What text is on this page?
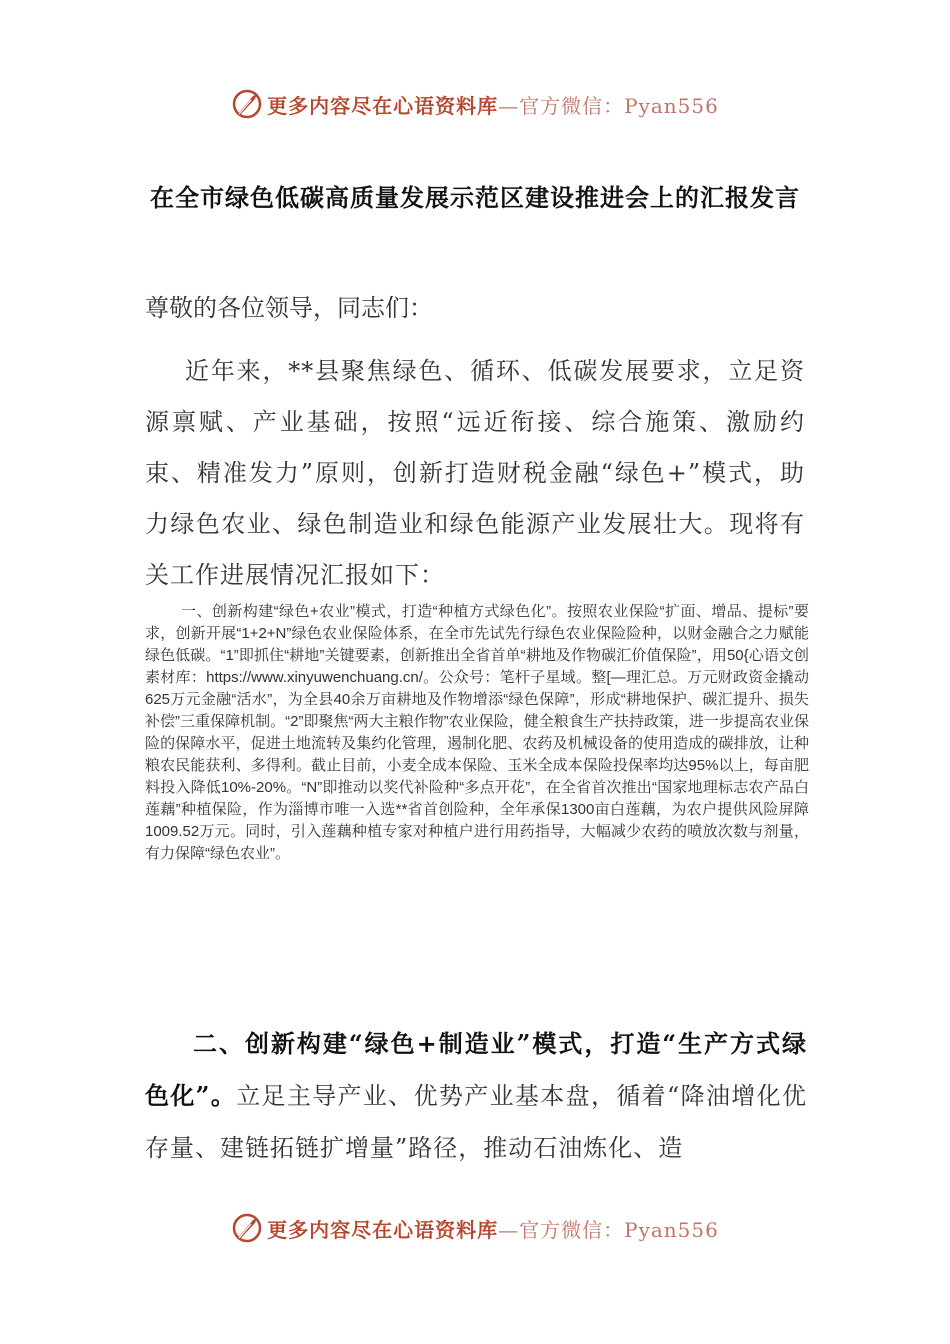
更多内容尽在心语资料库—官方微信：Pyan556
在全市绿色低碳高质量发展示范区建设推进会上的汇报发言
尊敬的各位领导，同志们：

近年来，**县聚焦绿色、循环、低碳发展要求，立足资源禀赋、产业基础，按照“远近衔接、综合施策、激励约束、精准发力”原则，创新打造财税金融“绿色+”模式，助力绿色农业、绿色制造业和绿色能源产业发展壮大。现将有关工作进展情况汇报如下：

一、创新构建“绿色+农业”模式，打造“种植方式绿色化”。按照农业保险“扩面、增品、提标”要求，创新开展“1+2+N”绿色农业保险体系，在全市先试先行绿色农业保险险种，以财金融合之力赋能绿色低碳。“1”即抓住“耕地”关键要素，创新推出全省首单“耕地及作物碳汇价值保险”，用50{心语文创素材库：https://www.xinyuwenchuang.cn/。公众号：笔杆子星域。整[—理汇总。万元财政资金撬动625万元金融“活水”，为全县40余万亩耕地及作物增添“绿色保障”，形成“耕地保护、碳汇提升、损失补偿”三重保障机制。“2”即聚焦“两大主粮作物”农业保险，健全粮食生产扶持政策，进一步提高农业保险的保障水平，促进土地流转及集约化管理，遏制化肥、农药及机械设备的使用造成的碳排放，让种粮农民能获利、多得利。截止目前，小麦全成本保险、玉米全成本保险投保率均达95%以上，每亩肥料投入降低10%-20%。“N”即推动以奖代补险种“多点开花”，在全省首次推出“国家地理标志农产品白莲藕”种植保险，作为淄博市唯一入选**省首创险种，全年承保1300亩白莲藕，为农户提供风险屏障1009.52万元。同时，引入莲藕种植专家对种植户进行用药指导，大幅减少农药的喷放次数与剂量，有力保障“绿色农业”。

二、创新构建“绿色+制造业”模式，打造“生产方式绿色化”。立足主导产业、优势产业基本盘，循着“降油增化优存量、建链拓链扩增量”路径，推动石油炼化、造

更多内容尽在心语资料库—官方微信：Pyan556
